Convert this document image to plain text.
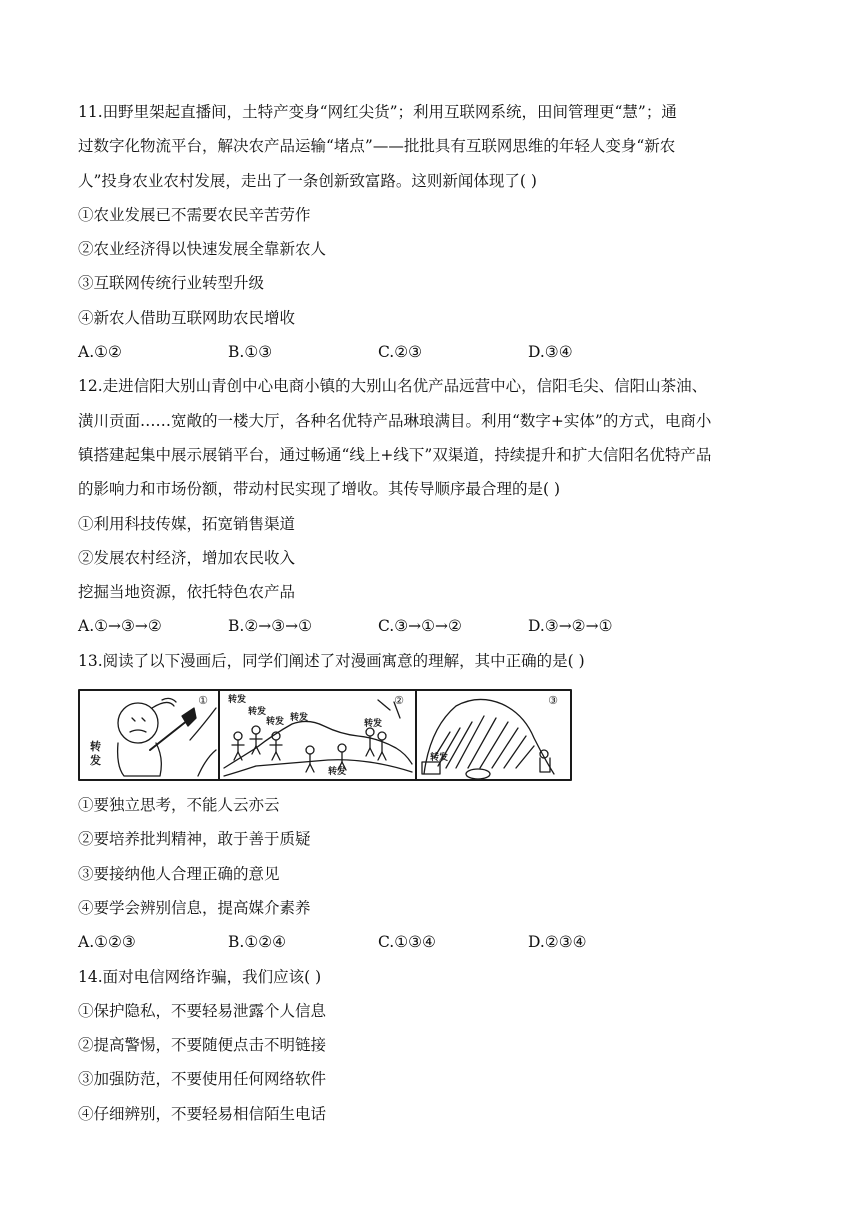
11.田野里架起直播间，土特产变身“网红尖货”；利用互联网系统，田间管理更“慧”；通
过数字化物流平台，解决农产品运输“堵点”——批批具有互联网思维的年轻人变身“新农
人”投身农业农村发展，走出了一条创新致富路。这则新闻体现了( )
①农业发展已不需要农民辛苦劳作
②农业经济得以快速发展全靠新农人
③互联网传统行业转型升级
④新农人借助互联网助农民增收
A.①②	B.①③	C.②③	D.③④
12.走进信阳大别山青创中心电商小镇的大别山名优产品远营中心，信阳毛尖、信阳山茶油、
潢川贡面……宽敞的一楼大厅，各种名优特产品琳琅满目。利用“数字+实体”的方式，电商小
镇搭建起集中展示展销平台，通过畅通“线上+线下”双渠道，持续提升和扩大信阳名优特产品
的影响力和市场份额，带动村民实现了增收。其传导顺序最合理的是( )
①利用科技传媒，拓宽销售渠道
②发展农村经济，增加农民收入
挖掘当地资源，依托特色农产品
A.①→③→②	B.②→③→①	C.③→①→②	D.③→②→①
13.阅读了以下漫画后，同学们阐述了对漫画寓意的理解，其中正确的是( )
①	②	③
转
发
转发
转发
转发 转发
转发
转发
转发
①要独立思考，不能人云亦云
②要培养批判精神，敢于善于质疑
③要接纳他人合理正确的意见
④要学会辨别信息，提高媒介素养
A.①②③	B.①②④	C.①③④	D.②③④
14.面对电信网络诈骗，我们应该( )
①保护隐私，不要轻易泄露个人信息
②提高警惕，不要随便点击不明链接
③加强防范，不要使用任何网络软件
④仔细辨别，不要轻易相信陌生电话
